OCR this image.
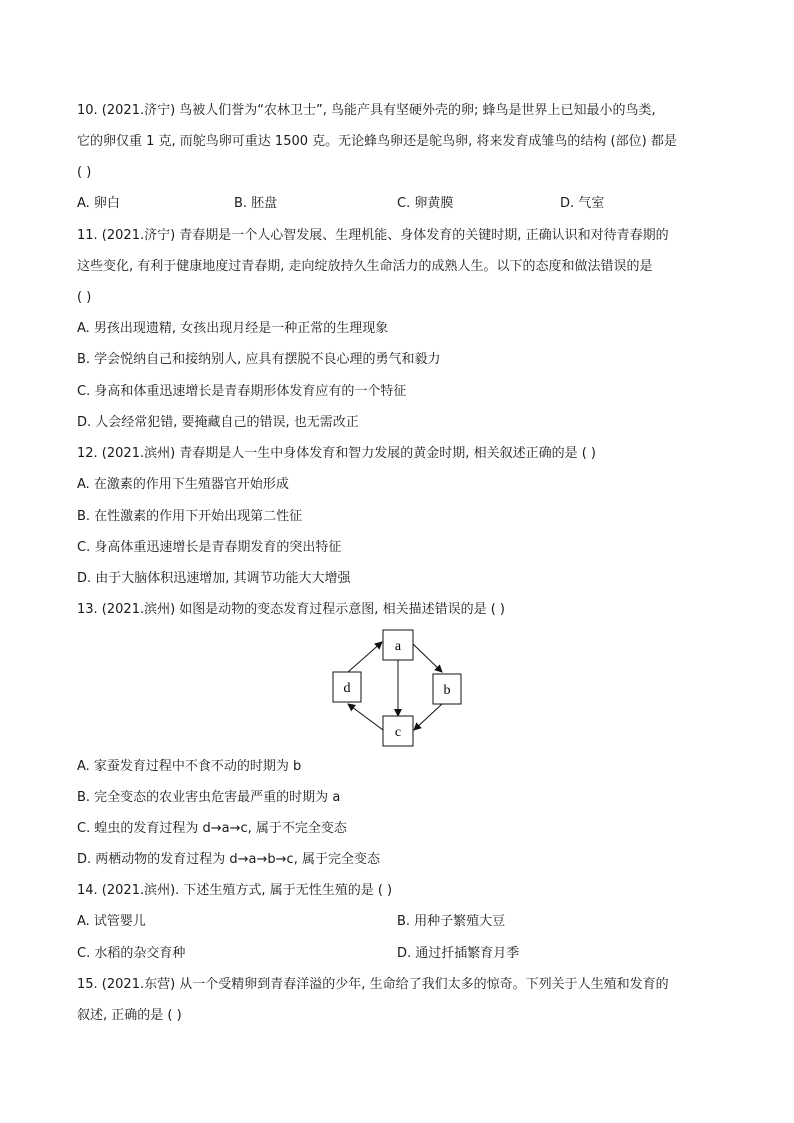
10. (2021.济宁) 鸟被人们誉为“农林卫士”, 鸟能产具有坚硬外壳的卵; 蜂鸟是世界上已知最小的鸟类,
它的卵仅重 1 克, 而鸵鸟卵可重达 1500 克。无论蜂鸟卵还是鸵鸟卵, 将来发育成雏鸟的结构 (部位) 都是
( )
A. 卵白	B. 胚盘	C. 卵黄膜	D. 气室
11. (2021.济宁) 青春期是一个人心智发展、生理机能、身体发育的关键时期, 正确认识和对待青春期的
这些变化, 有利于健康地度过青春期, 走向绽放持久生命活力的成熟人生。以下的态度和做法错误的是
( )
A. 男孩出现遗精, 女孩出现月经是一种正常的生理现象
B. 学会悦纳自己和接纳别人, 应具有摆脱不良心理的勇气和毅力
C. 身高和体重迅速增长是青春期形体发育应有的一个特征
D. 人会经常犯错, 要掩藏自己的错误, 也无需改正
12. (2021.滨州) 青春期是人一生中身体发育和智力发展的黄金时期, 相关叙述正确的是 ( )
A. 在激素的作用下生殖器官开始形成
B. 在性激素的作用下开始出现第二性征
C. 身高体重迅速增长是青春期发育的突出特征
D. 由于大脑体积迅速增加, 其调节功能大大增强
13. (2021.滨州) 如图是动物的变态发育过程示意图, 相关描述错误的是 ( )
a
b
c
d
A. 家蚕发育过程中不食不动的时期为 b
B. 完全变态的农业害虫危害最严重的时期为 a
C. 蝗虫的发育过程为 d→a→c, 属于不完全变态
D. 两栖动物的发育过程为 d→a→b→c, 属于完全变态
14. (2021.滨州). 下述生殖方式, 属于无性生殖的是 ( )
A. 试管婴儿	B. 用种子繁殖大豆
C. 水稻的杂交育种	D. 通过扦插繁育月季
15. (2021.东营) 从一个受精卵到青春洋溢的少年, 生命给了我们太多的惊奇。下列关于人生殖和发育的
叙述, 正确的是 ( )
